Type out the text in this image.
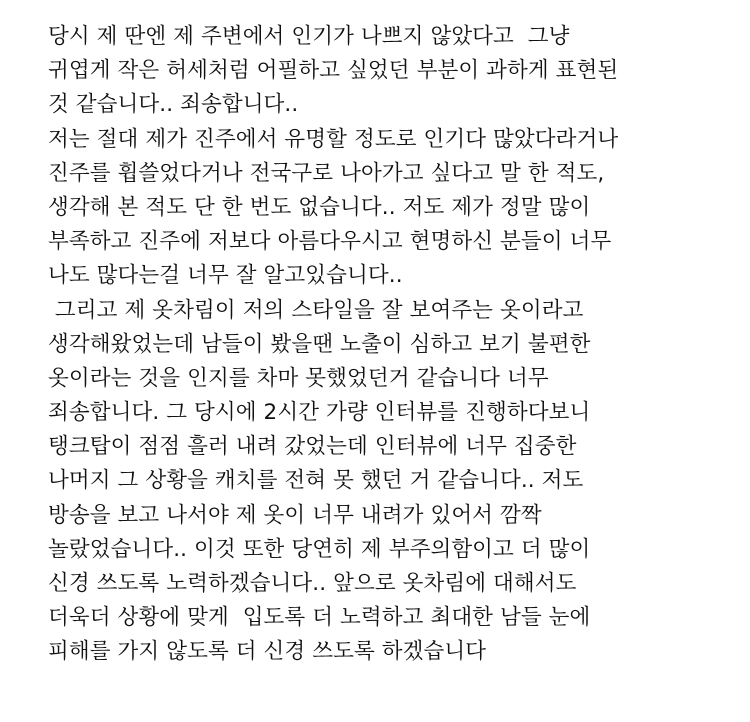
당시 제 딴엔 제 주변에서 인기가 나쁘지 않았다고  그냥
귀엽게 작은 허세처럼 어필하고 싶었던 부분이 과하게 표현된
것 같습니다.. 죄송합니다..
저는 절대 제가 진주에서 유명할 정도로 인기다 많았다라거나
진주를 휩쓸었다거나 전국구로 나아가고 싶다고 말 한 적도,
생각해 본 적도 단 한 번도 없습니다.. 저도 제가 정말 많이
부족하고 진주에 저보다 아름다우시고 현명하신 분들이 너무
나도 많다는걸 너무 잘 알고있습니다..
그리고 제 옷차림이 저의 스타일을 잘 보여주는 옷이라고
생각해왔었는데 남들이 봤을땐 노출이 심하고 보기 불편한
옷이라는 것을 인지를 차마 못했었던거 같습니다 너무
죄송합니다. 그 당시에 2시간 가량 인터뷰를 진행하다보니
탱크탑이 점점 흘러 내려 갔었는데 인터뷰에 너무 집중한
나머지 그 상황을 캐치를 전혀 못 했던 거 같습니다.. 저도
방송을 보고 나서야 제 옷이 너무 내려가 있어서 깜짝
놀랐었습니다.. 이것 또한 당연히 제 부주의함이고 더 많이
신경 쓰도록 노력하겠습니다.. 앞으로 옷차림에 대해서도
더욱더 상황에 맞게  입도록 더 노력하고 최대한 남들 눈에
피해를 가지 않도록 더 신경 쓰도록 하겠습니다
